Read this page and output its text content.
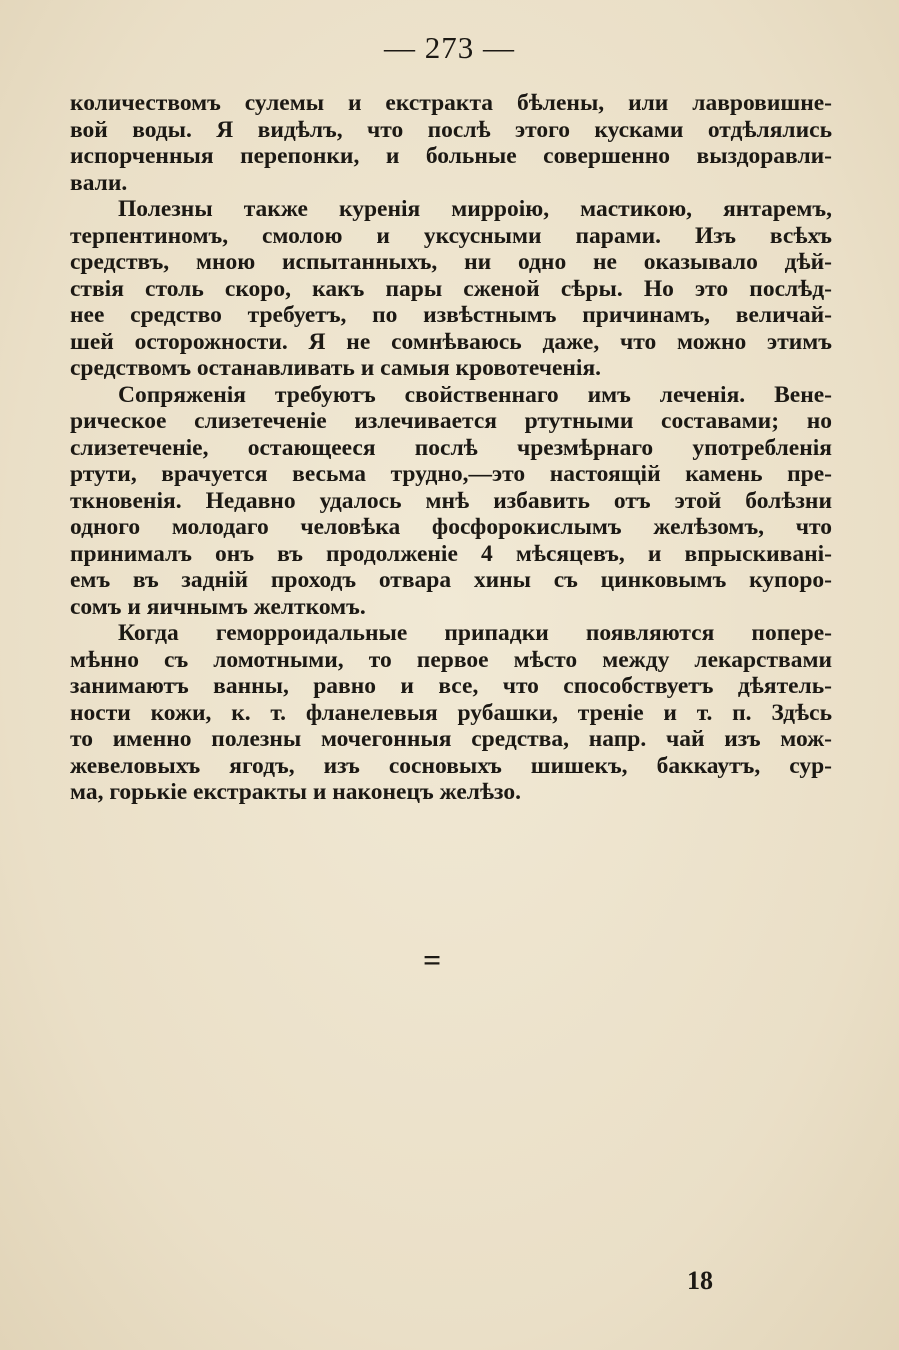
— 273 —
количествомъ сулемы и екстракта бѣлены, или лавровишне-
вой воды. Я видѣлъ, что послѣ этого кусками отдѣлялись
испорченныя перепонки, и больные совершенно выздоравли-
вали.
Полезны также куренія мирроію, мастикою, янтаремъ,
терпентиномъ, смолою и уксусными парами. Изъ всѣхъ
средствъ, мною испытанныхъ, ни одно не оказывало дѣй-
ствія столь скоро, какъ пары сженой сѣры. Но это послѣд-
нее средство требуетъ, по извѣстнымъ причинамъ, величай-
шей осторожности. Я не сомнѣваюсь даже, что можно этимъ
средствомъ останавливать и самыя кровотеченія.
Сопряженія требуютъ свойственнаго имъ леченія. Вене-
рическое слизетеченіе излечивается ртутными составами; но
слизетеченіе, остающееся послѣ чрезмѣрнаго употребленія
ртути, врачуется весьма трудно,—это настоящій камень пре-
ткновенія. Недавно удалось мнѣ избавить отъ этой болѣзни
одного молодаго человѣка фосфорокислымъ желѣзомъ, что
принималъ онъ въ продолженіе 4 мѣсяцевъ, и впрыскивані-
емъ въ задній проходъ отвара хины съ цинковымъ купоро-
сомъ и яичнымъ желткомъ.
Когда геморроидальные припадки появляются попере-
мѣнно съ ломотными, то первое мѣсто между лекарствами
занимаютъ ванны, равно и все, что способствуетъ дѣятель-
ности кожи, к. т. фланелевыя рубашки, треніе и т. п. Здѣсь
то именно полезны мочегонныя средства, напр. чай изъ мож-
жевеловыхъ ягодъ, изъ сосновыхъ шишекъ, баккаутъ, сур-
ма, горькіе екстракты и наконецъ желѣзо.
=
18
